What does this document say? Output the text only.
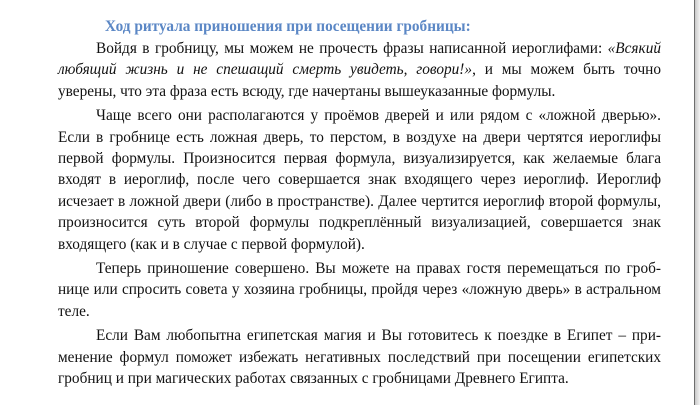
Ход ритуала приношения при посещении гробницы:

Войдя в гробницу, мы можем не прочесть фразы написанной иероглифами: «Всякий любящий жизнь и не спешащий смерть увидеть, говори!», и мы можем быть точно уверены, что эта фраза есть всюду, где начертаны вышеуказанные формулы.

Чаще всего они располагаются у проёмов дверей и или рядом с «ложной дверью». Если в гробнице есть ложная дверь, то перстом, в воздухе на двери чертятся иероглифы первой формулы. Произносится первая формула, визуализируется, как желаемые блага входят в иероглиф, после чего совершается знак входящего через иероглиф. Иероглиф исчезает в ложной двери (либо в пространстве). Далее чертится иероглиф второй формулы, произносится суть второй формулы подкреплённый визуализацией, совершается знак входящего (как и в случае с первой формулой).

Теперь приношение совершено. Вы можете на правах гостя перемещаться по гробнице или спросить совета у хозяина гробницы, пройдя через «ложную дверь» в астральном теле.

Если Вам любопытна египетская магия и Вы готовитесь к поездке в Египет – применение формул поможет избежать негативных последствий при посещении египетских гробниц и при магических работах связанных с гробницами Древнего Египта.
